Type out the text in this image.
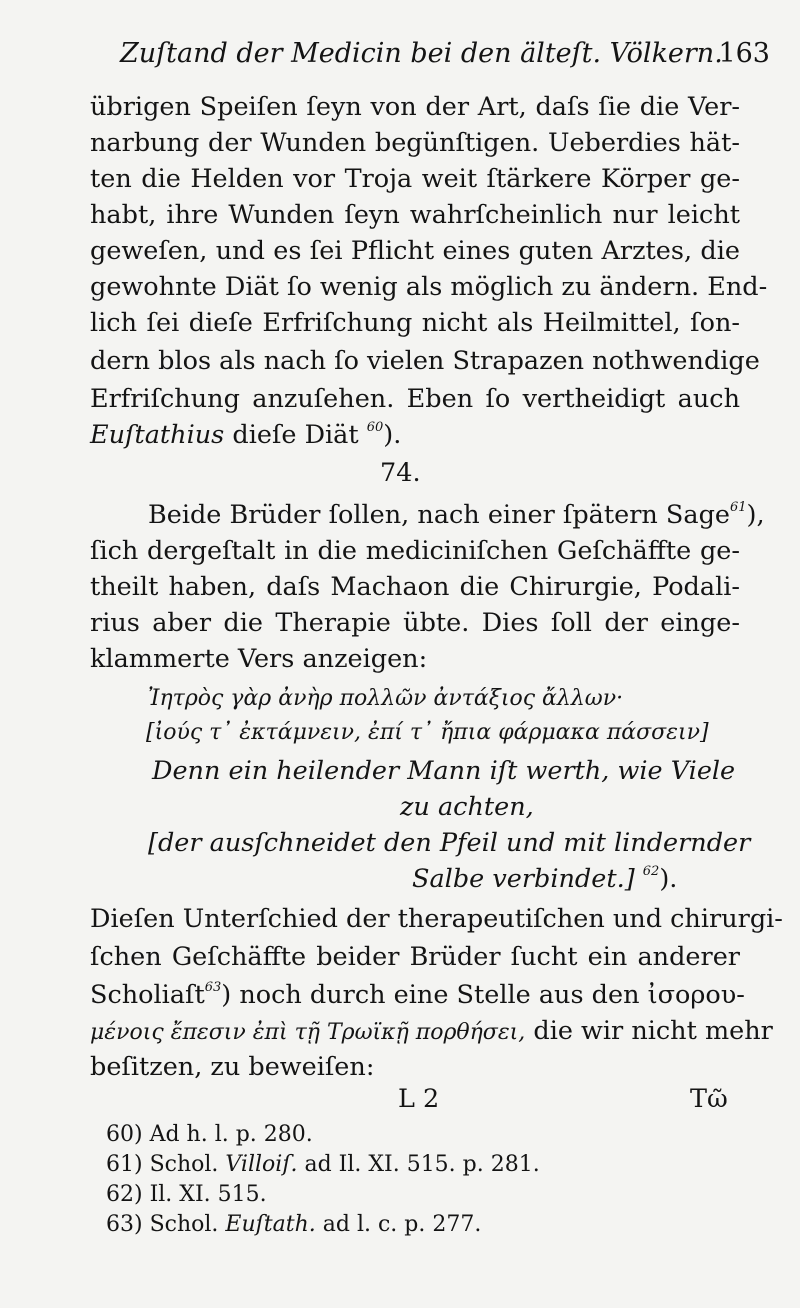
Zuſtand der Medicin bei den älteſt. Völkern.
163
übrigen Speiſen ſeyn von der Art, daſs ſie die Ver-
narbung der Wunden begünſtigen. Ueberdies hät-
ten die Helden vor Troja weit ſtärkere Körper ge-
habt, ihre Wunden ſeyn wahrſcheinlich nur leicht
geweſen, und es ſei Pflicht eines guten Arztes, die
gewohnte Diät ſo wenig als möglich zu ändern. End-
lich ſei dieſe Erfriſchung nicht als Heilmittel, ſon-
dern blos als nach ſo vielen Strapazen nothwendige
Erfriſchung anzuſehen. Eben ſo vertheidigt auch
Euſtathius dieſe Diät $^{60}$).
74.
Beide Brüder ſollen, nach einer ſpätern Sage$^{61}$),
ſich dergeſtalt in die mediciniſchen Geſchäffte ge-
theilt haben, daſs Machaon die Chirurgie, Podali-
rius aber die Therapie übte. Dies ſoll der einge-
klammerte Vers anzeigen:
Ἰητρὸς γὰρ ἀνὴρ πολλῶν ἀντάξιος ἄλλων·
[ἰούς τ᾽ ἐκτάμνειν, ἐπί τ᾽ ἤπια φάρμακα πάσσειν]
Denn ein heilender Mann iſt werth, wie Viele
zu achten,
[der ausſchneidet den Pfeil und mit lindernder
Salbe verbindet.] $^{62}$).
Dieſen Unterſchied der therapeutiſchen und chirurgi-
ſchen Geſchäffte beider Brüder ſucht ein anderer
Scholiaſt$^{63}$) noch durch eine Stelle aus den ἰσορου-
μένοις ἔπεσιν ἐπὶ τῇ Τρωϊκῇ πορθήσει, die wir nicht mehr
beſitzen, zu beweiſen:
L 2	Τῶ
60) Ad h. l. p. 280.
61) Schol. Villoiſ. ad Il. XI. 515. p. 281.
62) Il. XI. 515.
63) Schol. Euſtath. ad l. c. p. 277.
